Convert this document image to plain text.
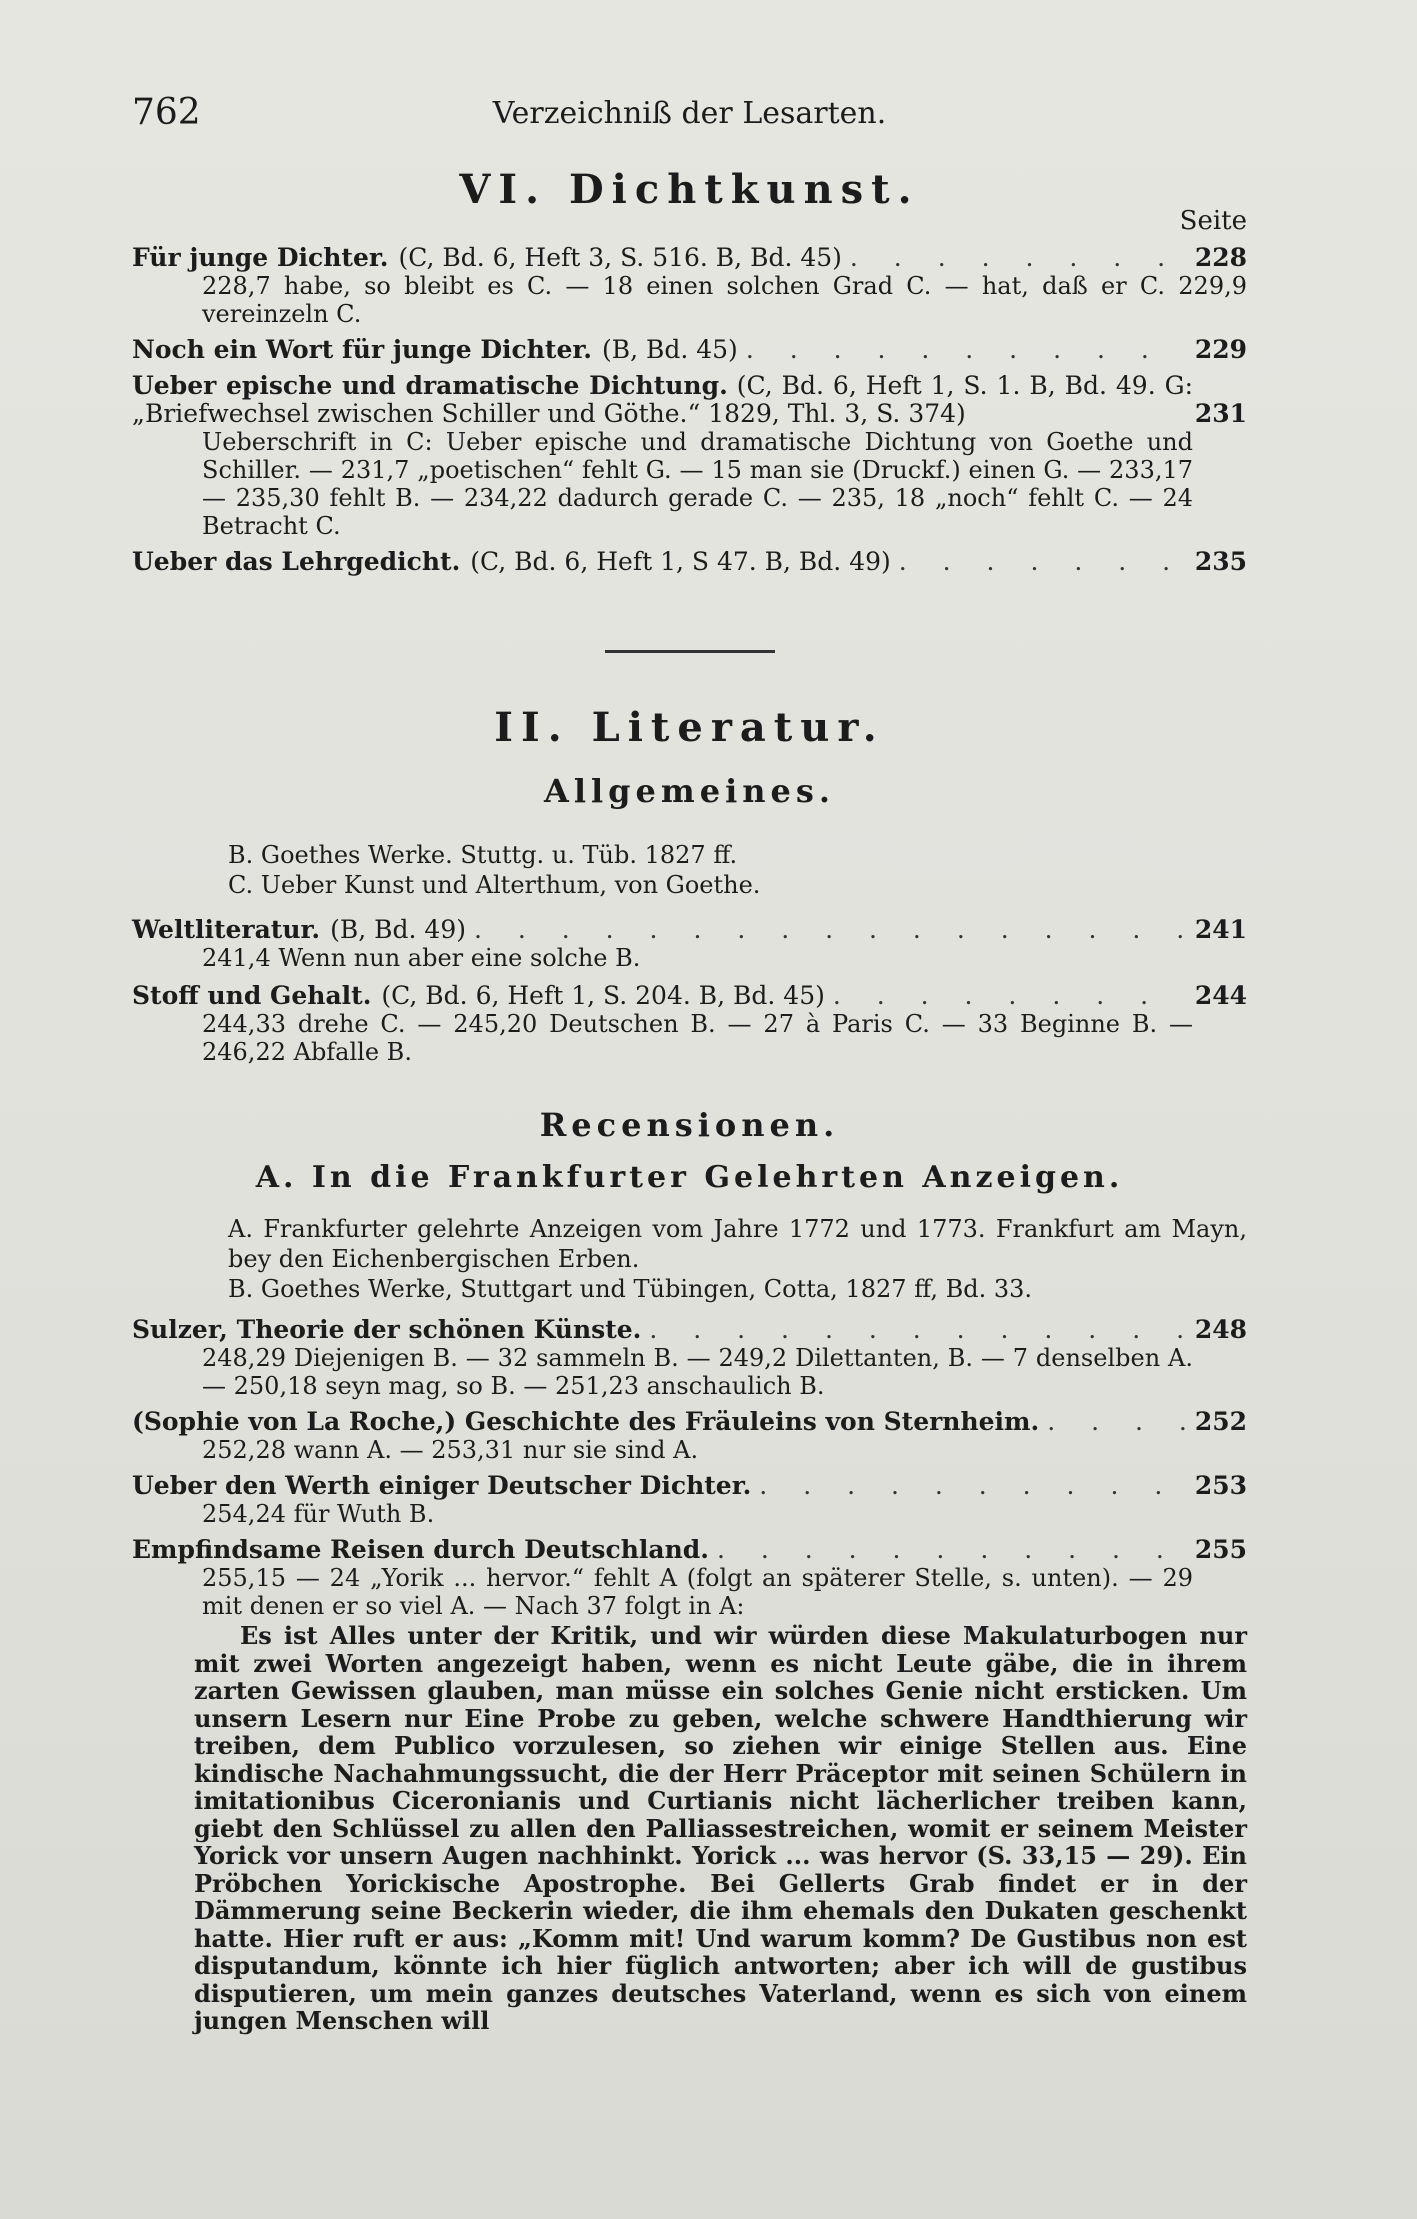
762	Verzeichniß der Lesarten.
VI. Dichtkunst.
Seite
Für junge Dichter. (C, Bd. 6, Heft 3, S. 516. B, Bd. 45) . . .	228
228,7 habe, so bleibt es C. — 18 einen solchen Grad C. — hat, daß er C. 229,9 vereinzeln C.
Noch ein Wort für junge Dichter. (B, Bd. 45) . . .	229
Ueber epische und dramatische Dichtung. (C, Bd. 6, Heft 1, S. 1. B, Bd. 49. G: „Briefwechsel zwischen Schiller und Göthe.“ 1829, Thl. 3, S. 374)	231
Ueberschrift in C: Ueber epische und dramatische Dichtung von Goethe und Schiller. — 231,7 „poetischen“ fehlt G. — 15 man sie (Druckf.) einen G. — 233,17 — 235,30 fehlt B. — 234,22 dadurch gerade C. — 235, 18 „noch“ fehlt C. — 24 Betracht C.
Ueber das Lehrgedicht. (C, Bd. 6, Heft 1, S 47. B, Bd. 49) . . .	235
II. Literatur.
Allgemeines.
B. Goethes Werke. Stuttg. u. Tüb. 1827 ff.
C. Ueber Kunst und Alterthum, von Goethe.
Weltliteratur. (B, Bd. 49) . . .	241
241,4 Wenn nun aber eine solche B.
Stoff und Gehalt. (C, Bd. 6, Heft 1, S. 204. B, Bd. 45) . . .	244
244,33 drehe C. — 245,20 Deutschen B. — 27 à Paris C. — 33 Beginne B. — 246,22 Abfalle B.
Recensionen.
A. In die Frankfurter Gelehrten Anzeigen.
A. Frankfurter gelehrte Anzeigen vom Jahre 1772 und 1773. Frankfurt am Mayn, bey den Eichenbergischen Erben.
B. Goethes Werke, Stuttgart und Tübingen, Cotta, 1827 ff, Bd. 33.
Sulzer, Theorie der schönen Künste. . . .	248
248,29 Diejenigen B. — 32 sammeln B. — 249,2 Dilettanten, B. — 7 denselben A. — 250,18 seyn mag, so B. — 251,23 anschaulich B.
(Sophie von La Roche,) Geschichte des Fräuleins von Sternheim. . . .	252
252,28 wann A. — 253,31 nur sie sind A.
Ueber den Werth einiger Deutscher Dichter. . . .	253
254,24 für Wuth B.
Empfindsame Reisen durch Deutschland. . . .	255
255,15 — 24 „Yorik ... hervor.“ fehlt A (folgt an späterer Stelle, s. unten). — 29 mit denen er so viel A. — Nach 37 folgt in A:

Es ist Alles unter der Kritik, und wir würden diese Makulaturbogen nur mit zwei Worten angezeigt haben, wenn es nicht Leute gäbe, die in ihrem zarten Gewissen glauben, man müsse ein solches Genie nicht ersticken. Um unsern Lesern nur Eine Probe zu geben, welche schwere Handthierung wir treiben, dem Publico vorzulesen, so ziehen wir einige Stellen aus. Eine kindische Nachahmungssucht, die der Herr Präceptor mit seinen Schülern in imitationibus Ciceronianis und Curtianis nicht lächerlicher treiben kann, giebt den Schlüssel zu allen den Palliassestreichen, womit er seinem Meister Yorick vor unsern Augen nachhinkt. Yorick ... was hervor (S. 33,15 — 29). Ein Pröbchen Yorickische Apostrophe. Bei Gellerts Grab findet er in der Dämmerung seine Beckerin wieder, die ihm ehemals den Dukaten geschenkt hatte. Hier ruft er aus: „Komm mit! Und warum komm? De Gustibus non est disputandum, könnte ich hier füglich antworten; aber ich will de gustibus disputieren, um mein ganzes deutsches Vaterland, wenn es sich von einem jungen Menschen will
